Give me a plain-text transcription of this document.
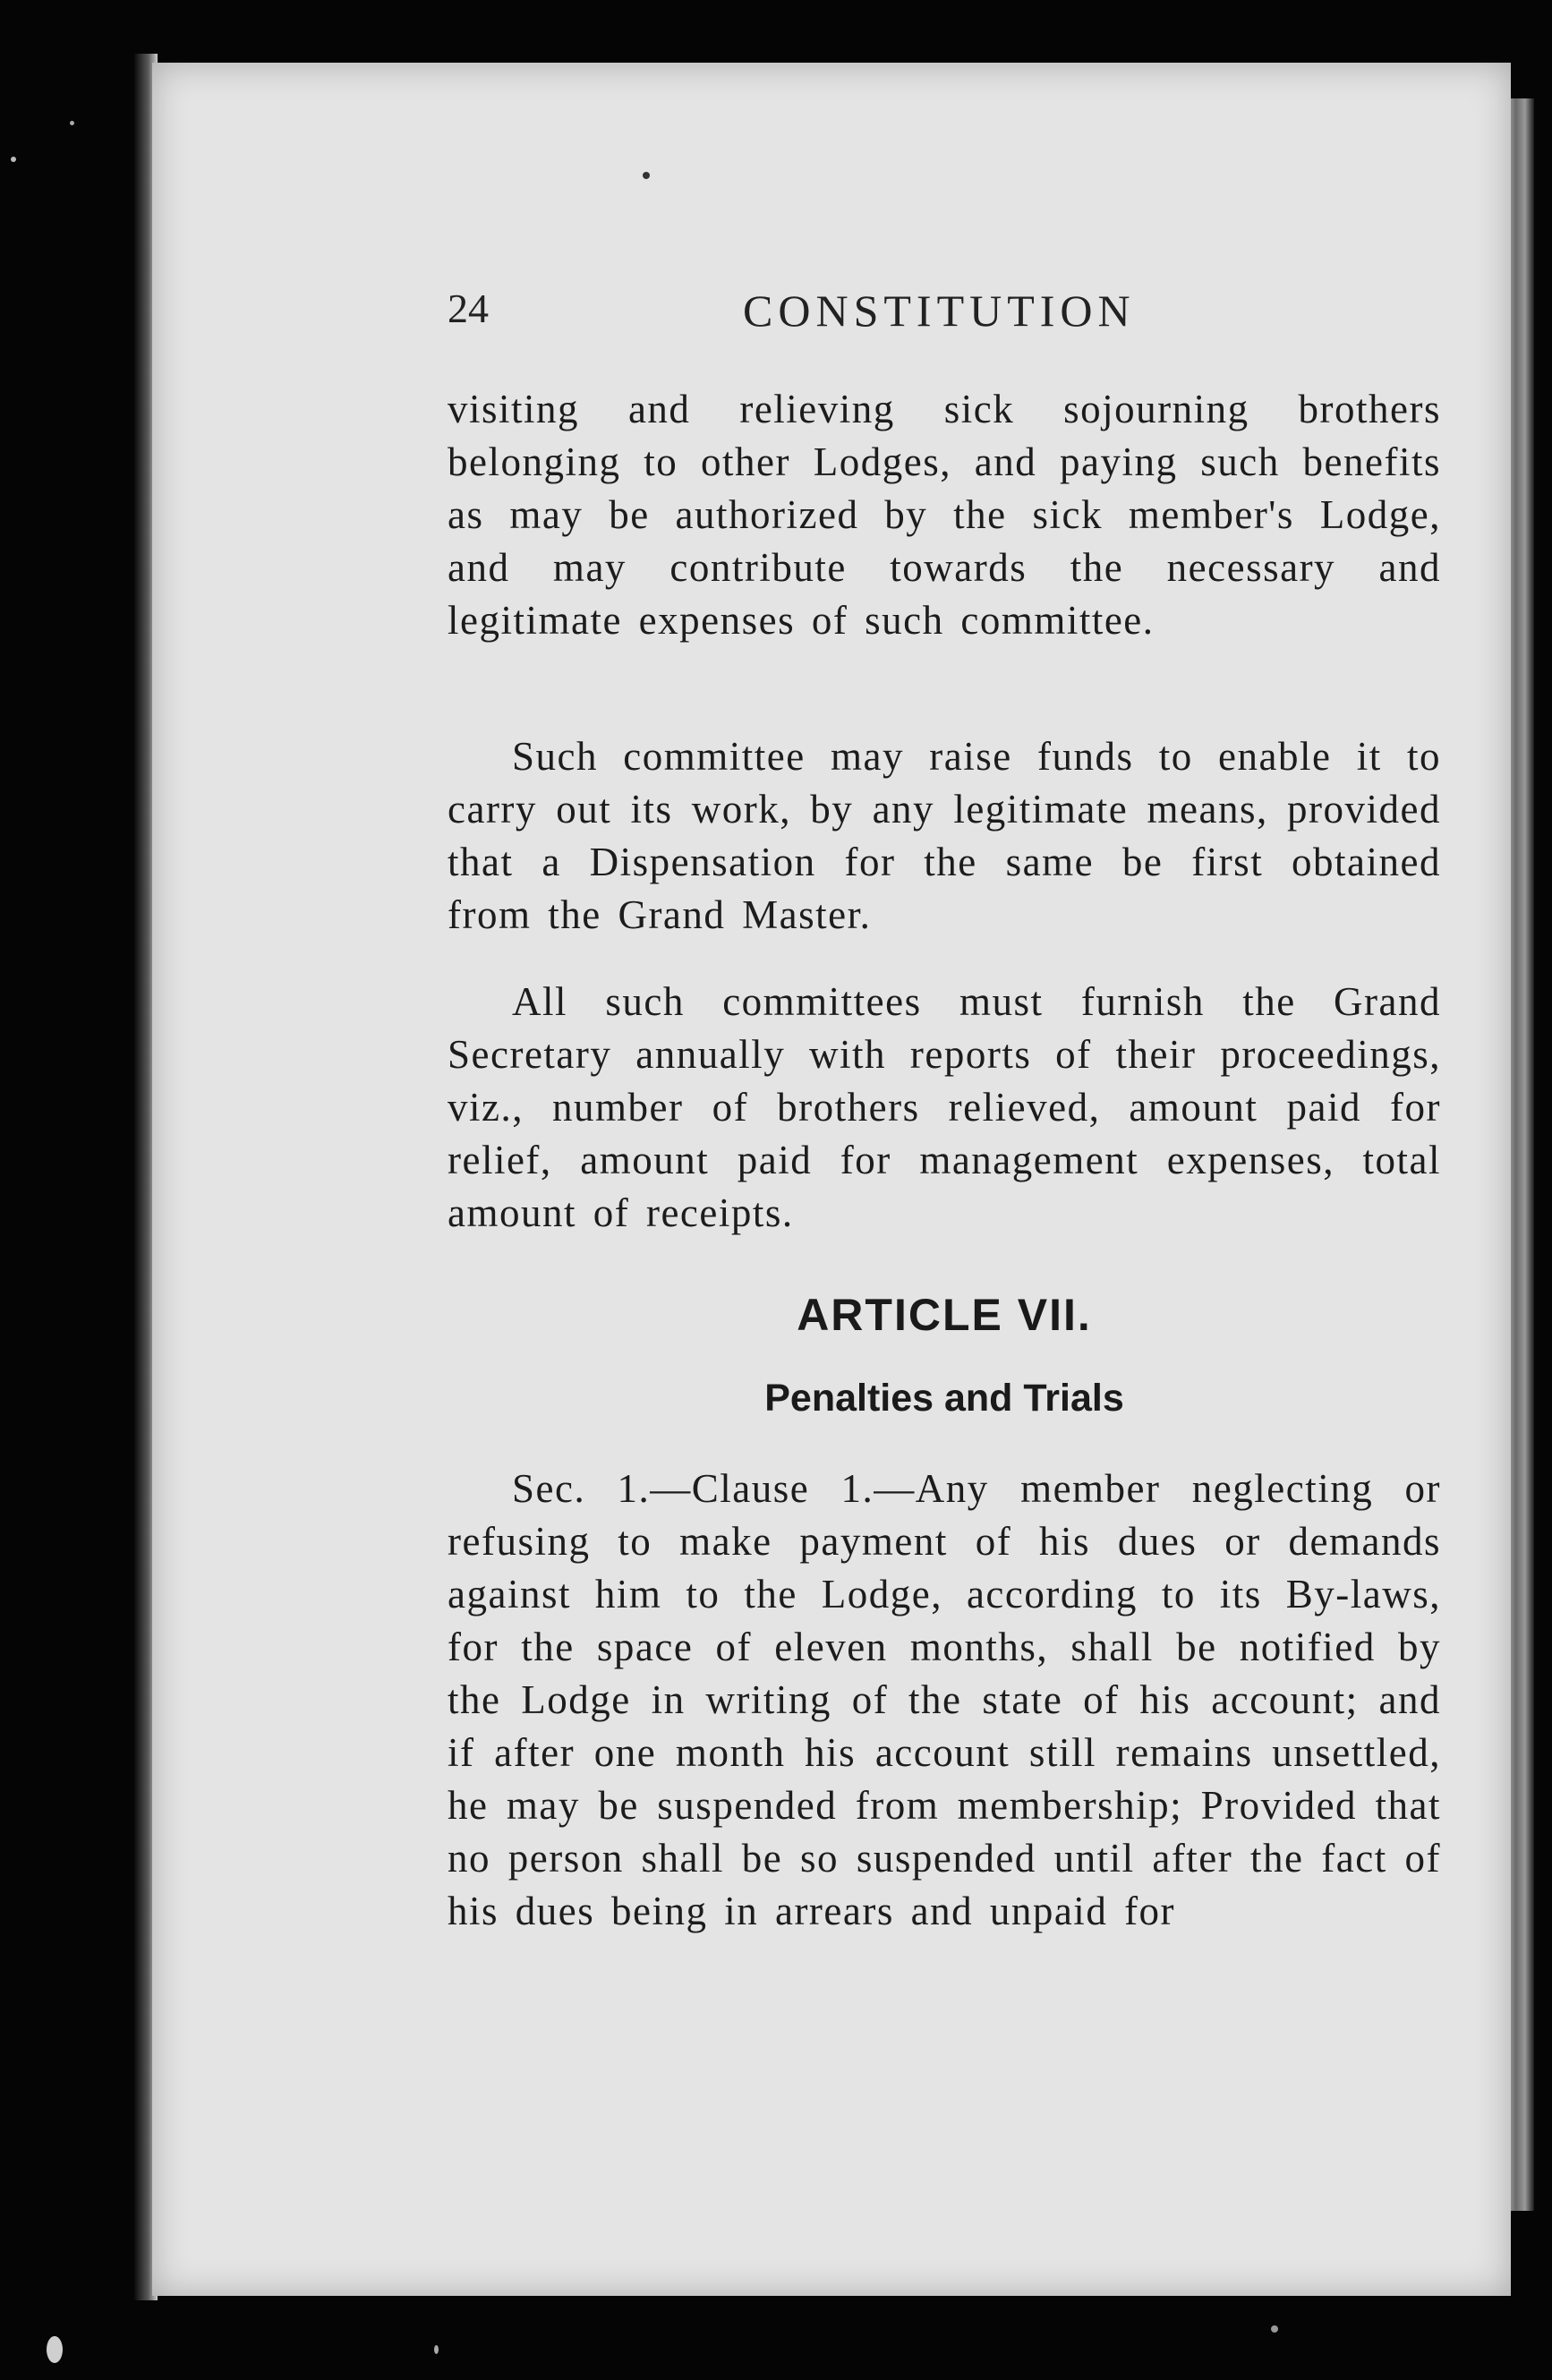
24	CONSTITUTION

visiting and relieving sick sojourning brothers belonging to other Lodges, and paying such benefits as may be authorized by the sick member's Lodge, and may contribute towards the necessary and legitimate expenses of such committee.

Such committee may raise funds to enable it to carry out its work, by any legitimate means, provided that a Dispensation for the same be first obtained from the Grand Master.

All such committees must furnish the Grand Secretary annually with reports of their proceedings, viz., number of brothers relieved, amount paid for relief, amount paid for management expenses, total amount of receipts.

ARTICLE VII.
Penalties and Trials

Sec. 1.—Clause 1.—Any member neglecting or refusing to make payment of his dues or demands against him to the Lodge, according to its By-laws, for the space of eleven months, shall be notified by the Lodge in writing of the state of his account; and if after one month his account still remains unsettled, he may be suspended from membership; Provided that no person shall be so suspended until after the fact of his dues being in arrears and unpaid for
